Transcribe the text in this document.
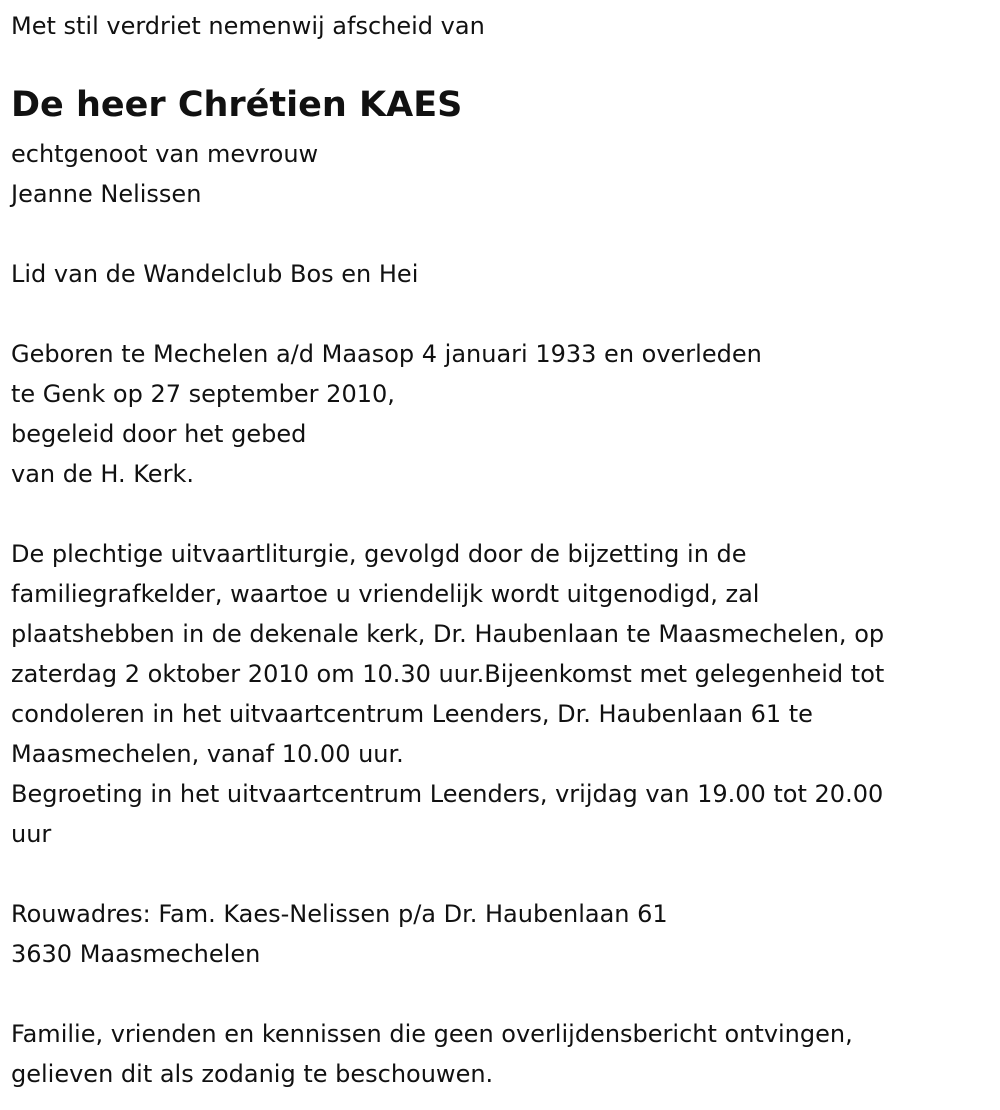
Met stil verdriet nemenwij afscheid van

De heer Chrétien KAES

echtgenoot van mevrouw

Jeanne Nelissen

Lid van de Wandelclub Bos en Hei

Geboren te Mechelen a/d Maasop 4 januari 1933 en overleden

te Genk op 27 september 2010,

begeleid door het gebed

van de H. Kerk.

De plechtige uitvaartliturgie, gevolgd door de bijzetting in de

familiegrafkelder, waartoe u vriendelijk wordt uitgenodigd, zal

plaatshebben in de dekenale kerk, Dr. Haubenlaan te Maasmechelen, op

zaterdag 2 oktober 2010 om 10.30 uur.Bijeenkomst met gelegenheid tot

condoleren in het uitvaartcentrum Leenders, Dr. Haubenlaan 61 te

Maasmechelen, vanaf 10.00 uur.

Begroeting in het uitvaartcentrum Leenders, vrijdag van 19.00 tot 20.00

uur

Rouwadres: Fam. Kaes-Nelissen p/a Dr. Haubenlaan 61

3630 Maasmechelen

Familie, vrienden en kennissen die geen overlijdensbericht ontvingen,

gelieven dit als zodanig te beschouwen.
